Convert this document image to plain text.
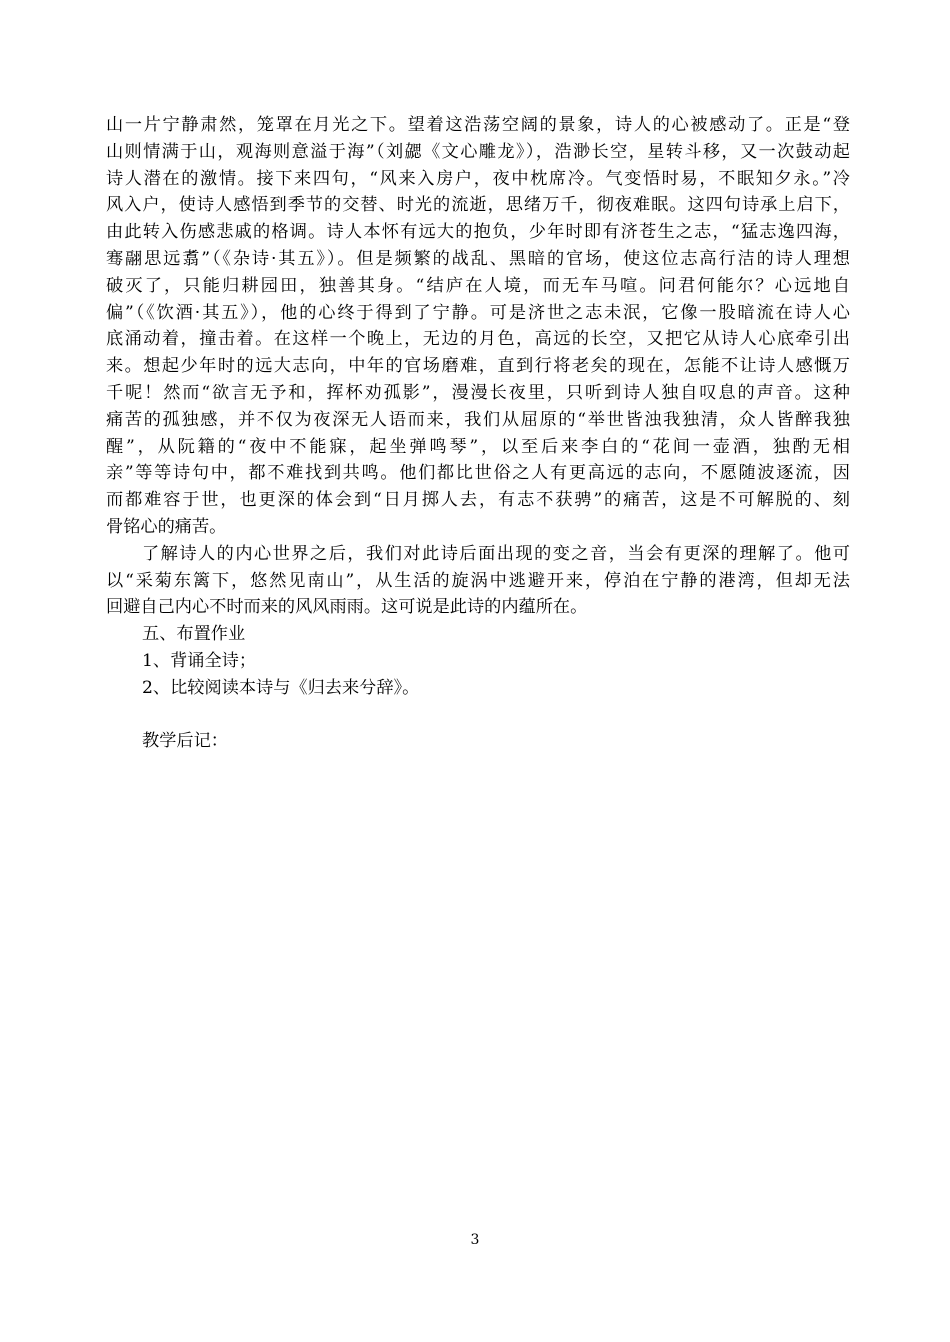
山一片宁静肃然，笼罩在月光之下。望着这浩荡空阔的景象，诗人的心被感动了。正是“登
山则情满于山，观海则意溢于海”（刘勰《文心雕龙》），浩渺长空，星转斗移，又一次鼓动起
诗人潜在的激情。接下来四句，“风来入房户，夜中枕席冷。气变悟时易，不眠知夕永。”冷
风入户，使诗人感悟到季节的交替、时光的流逝，思绪万千，彻夜难眠。这四句诗承上启下，
由此转入伤感悲戚的格调。诗人本怀有远大的抱负，少年时即有济苍生之志，“猛志逸四海，
骞翮思远翥”（《杂诗·其五》）。但是频繁的战乱、黑暗的官场，使这位志高行洁的诗人理想
破灭了，只能归耕园田，独善其身。“结庐在人境，而无车马喧。问君何能尔？心远地自
偏”（《饮酒·其五》），他的心终于得到了宁静。可是济世之志未泯，它像一股暗流在诗人心
底涌动着，撞击着。在这样一个晚上，无边的月色，高远的长空，又把它从诗人心底牵引出
来。想起少年时的远大志向，中年的官场磨难，直到行将老矣的现在，怎能不让诗人感慨万
千呢！然而“欲言无予和，挥杯劝孤影”，漫漫长夜里，只听到诗人独自叹息的声音。这种
痛苦的孤独感，并不仅为夜深无人语而来，我们从屈原的“举世皆浊我独清，众人皆醉我独
醒”，从阮籍的“夜中不能寐，起坐弹鸣琴”，以至后来李白的“花间一壶酒，独酌无相
亲”等等诗句中，都不难找到共鸣。他们都比世俗之人有更高远的志向，不愿随波逐流，因
而都难容于世，也更深的体会到“日月掷人去，有志不获骋”的痛苦，这是不可解脱的、刻
骨铭心的痛苦。

了解诗人的内心世界之后，我们对此诗后面出现的变之音，当会有更深的理解了。他可
以“采菊东篱下，悠然见南山”，从生活的旋涡中逃避开来，停泊在宁静的港湾，但却无法
回避自己内心不时而来的风风雨雨。这可说是此诗的内蕴所在。

五、布置作业

1、背诵全诗；

2、比较阅读本诗与《归去来兮辞》。

教学后记：

3
